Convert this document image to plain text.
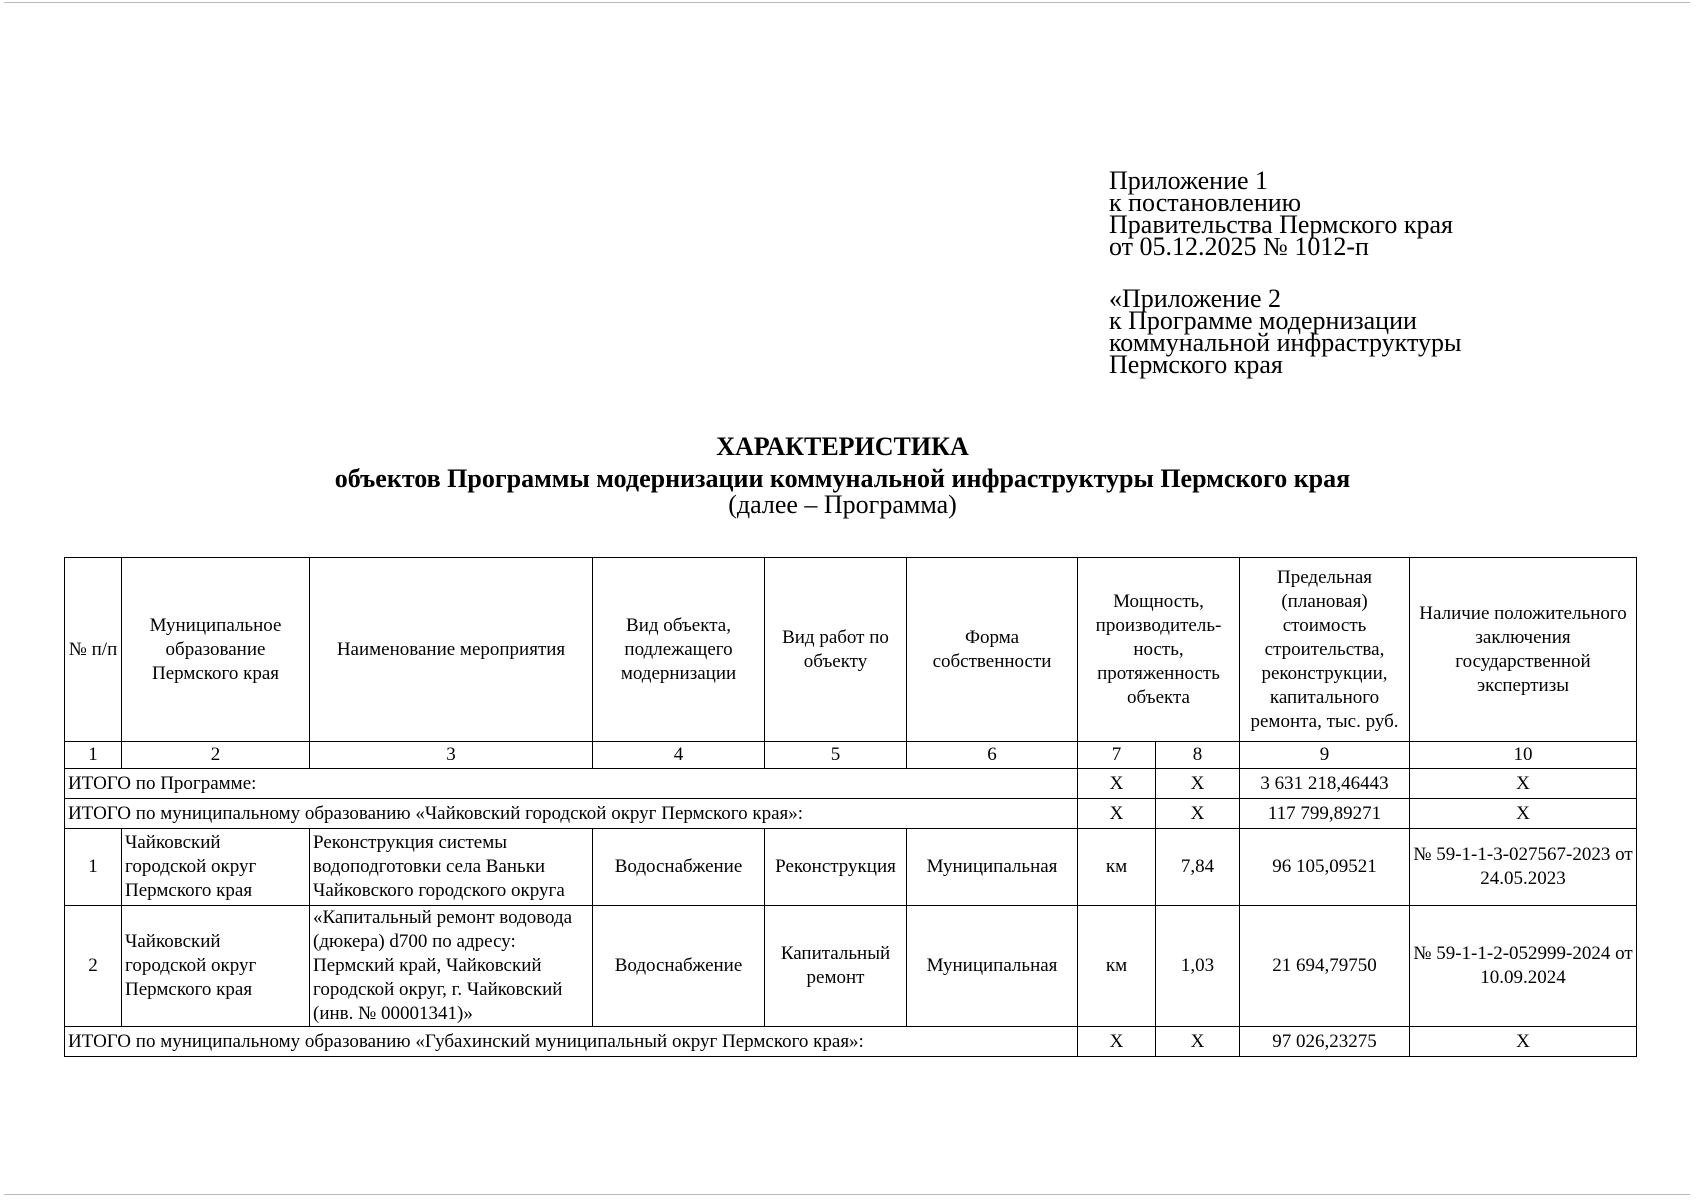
Приложение 1
к постановлению
Правительства Пермского края
от 05.12.2025 № 1012-п
«Приложение 2
к Программе модернизации
коммунальной инфраструктуры
Пермского края
ХАРАКТЕРИСТИКА
объектов Программы модернизации коммунальной инфраструктуры Пермского края
(далее – Программа)
№ п/п	Муниципальное образование Пермского края	Наименование мероприятия	Вид объекта, подлежащего модернизации	Вид работ по объекту	Форма собственности	Мощность, производитель-ность, протяженность объекта		Предельная (плановая) стоимость строительства, реконструкции, капитального ремонта, тыс. руб.	Наличие положительного заключения государственной экспертизы
1	2	3	4	5	6	7	8	9	10
ИТОГО по Программе:						X	X	3 631 218,46443	X
ИТОГО по муниципальному образованию «Чайковский городской округ Пермского края»:						X	X	117 799,89271	X
1	Чайковский городской округ Пермского края	Реконструкция системы водоподготовки села Ваньки Чайковского городского округа	Водоснабжение	Реконструкция	Муниципальная	км	7,84	96 105,09521	№ 59-1-1-3-027567-2023 от 24.05.2023
2	Чайковский городской округ Пермского края	«Капитальный ремонт водовода (дюкера) d700 по адресу: Пермский край, Чайковский городской округ, г. Чайковский (инв. № 00001341)»	Водоснабжение	Капитальный ремонт	Муниципальная	км	1,03	21 694,79750	№ 59-1-1-2-052999-2024 от 10.09.2024
ИТОГО по муниципальному образованию «Губахинский муниципальный округ Пермского края»:						X	X	97 026,23275	X
